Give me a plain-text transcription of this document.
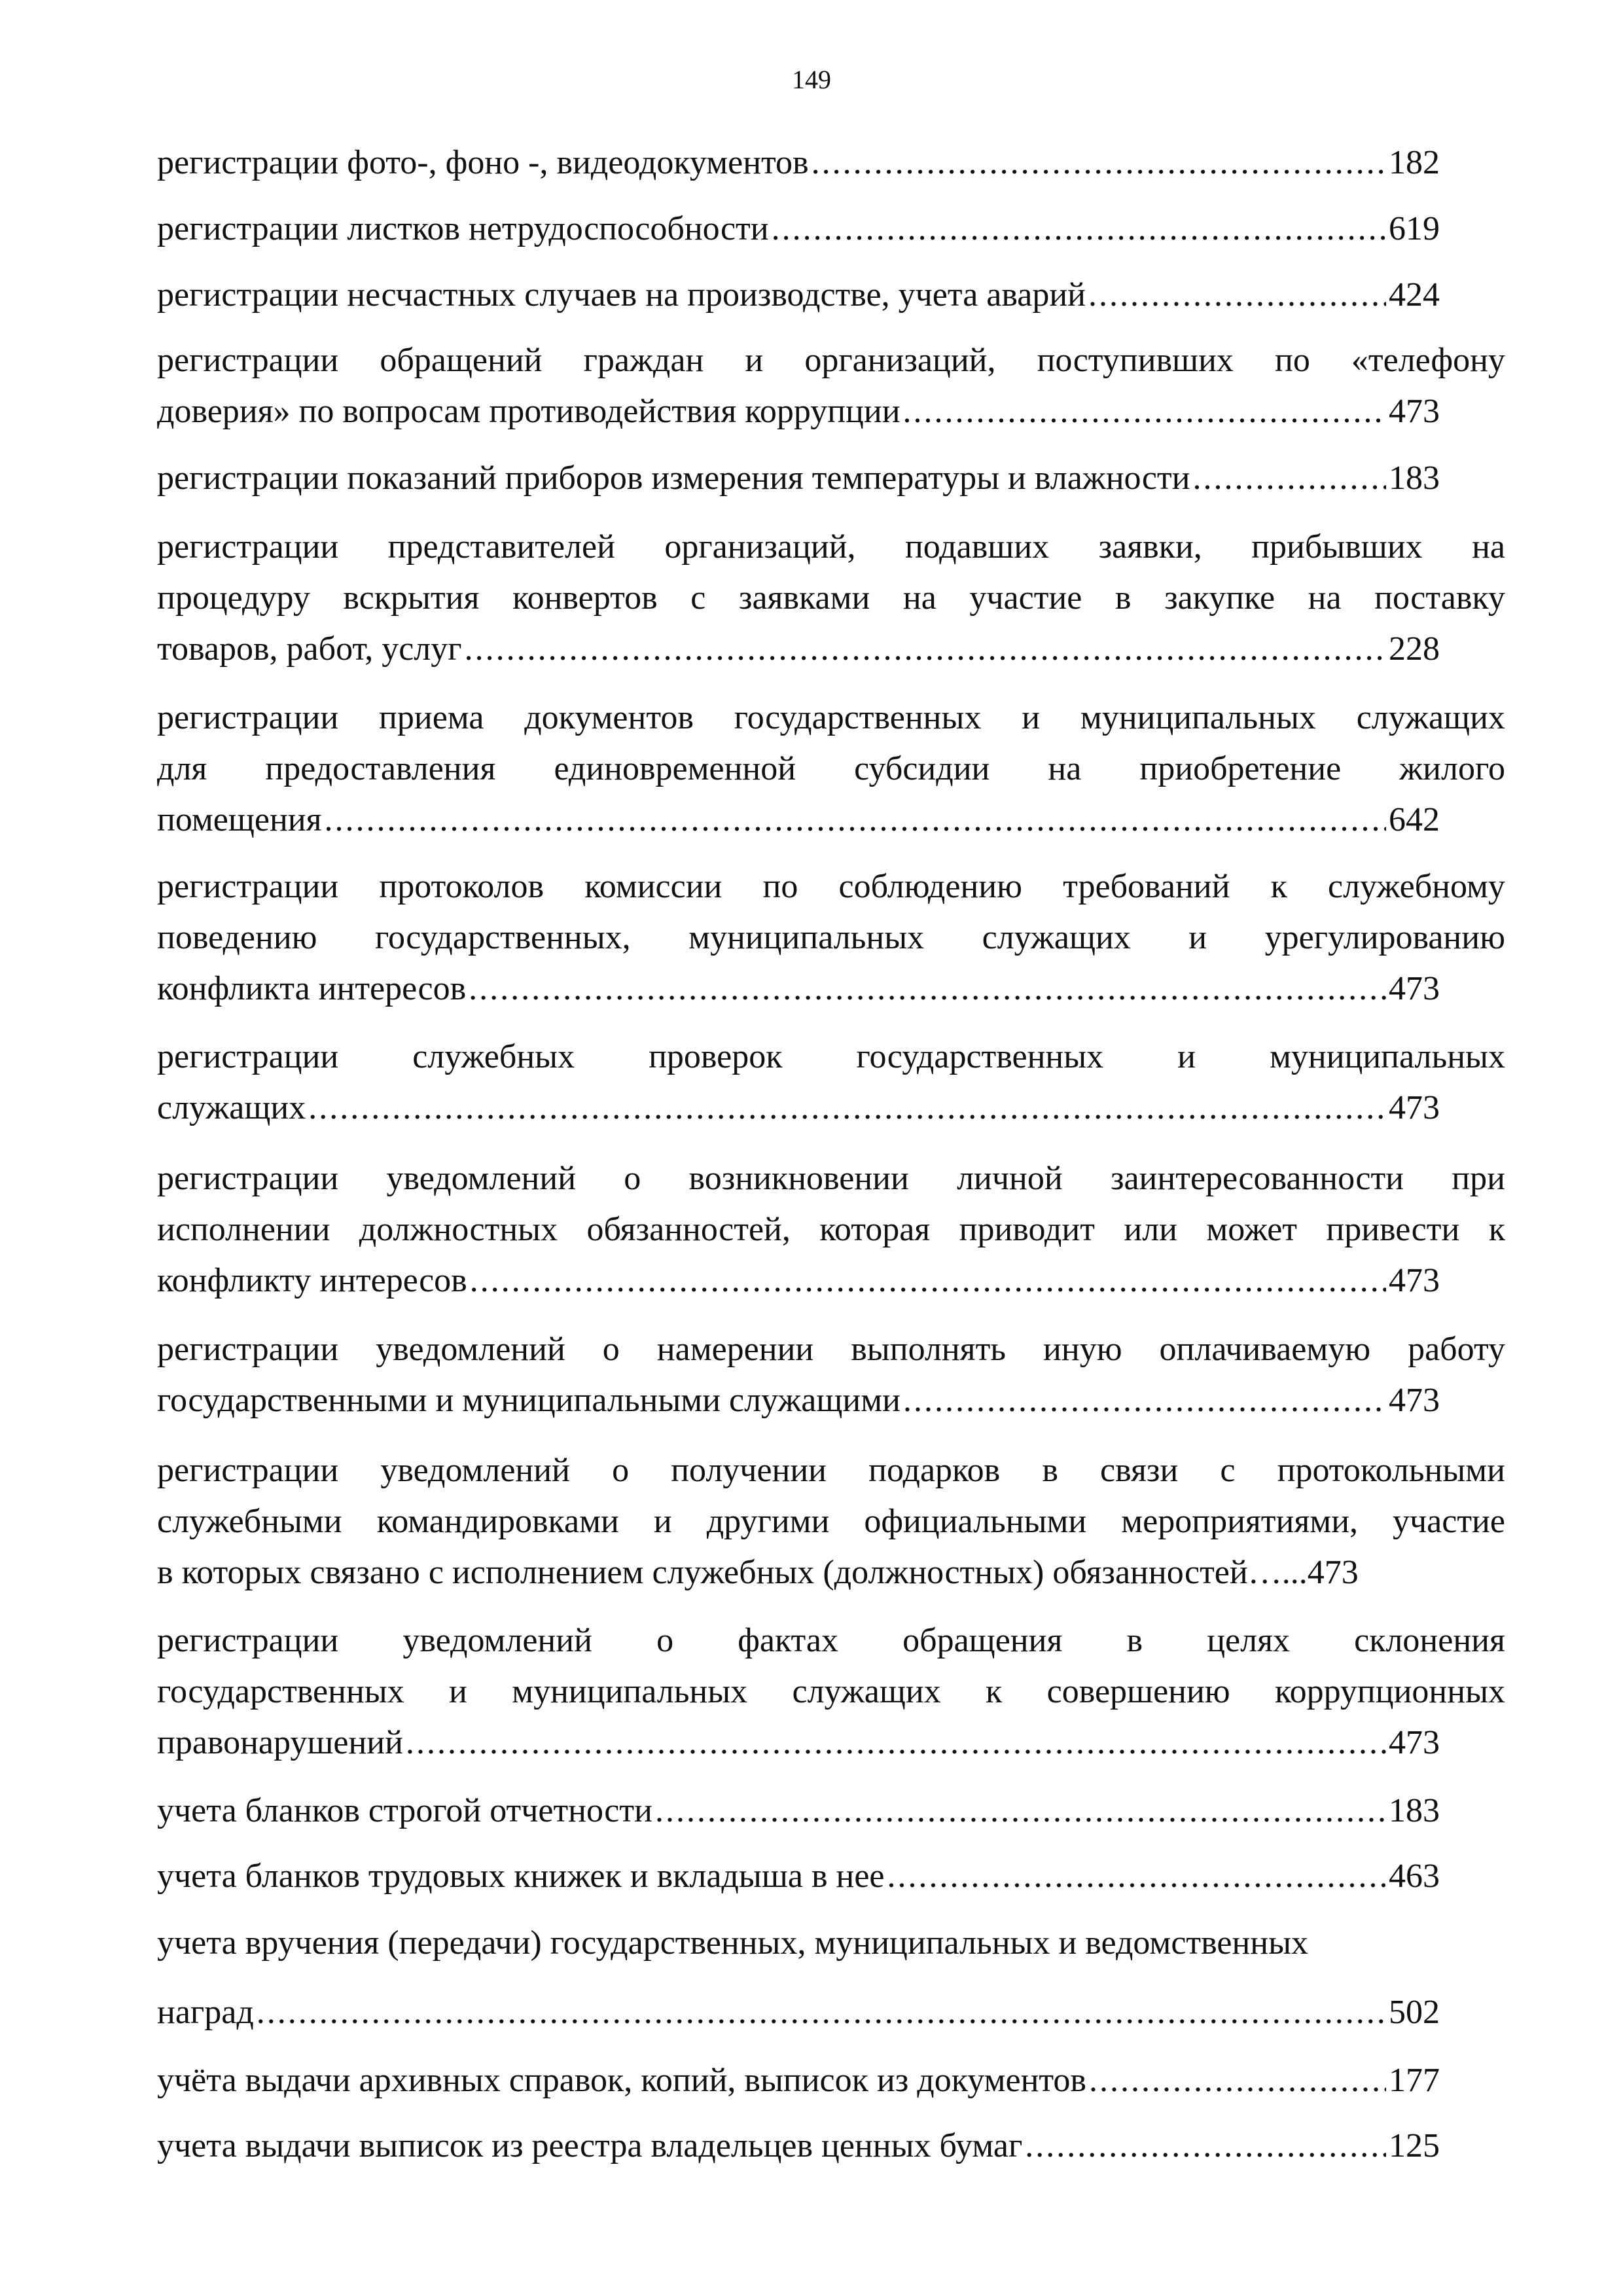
149
регистрации фото-, фоно -, видеодокументов .....	182
регистрации листков нетрудоспособности .....	619
регистрации несчастных случаев на производстве, учета аварий .....	424
регистрации обращений граждан и организаций, поступивших по «телефону
доверия» по вопросам противодействия коррупции .....	473
регистрации показаний приборов измерения температуры и влажности .....	183
регистрации представителей организаций, подавших заявки, прибывших на
процедуру вскрытия конвертов с заявками на участие в закупке на поставку
товаров, работ, услуг .....	228
регистрации приема документов государственных и муниципальных служащих
для предоставления единовременной субсидии на приобретение жилого
помещения .....	642
регистрации протоколов комиссии по соблюдению требований к служебному
поведению государственных, муниципальных служащих и урегулированию
конфликта интересов .....	473
регистрации служебных проверок государственных и муниципальных
служащих .....	473
регистрации уведомлений о возникновении личной заинтересованности при
исполнении должностных обязанностей, которая приводит или может привести к
конфликту интересов .....	473
регистрации уведомлений о намерении выполнять иную оплачиваемую работу
государственными и муниципальными служащими .....	473
регистрации уведомлений о получении подарков в связи с протокольными
служебными командировками и другими официальными мероприятиями, участие
в которых связано с исполнением служебных (должностных) обязанностей… ...473
регистрации уведомлений о фактах обращения в целях склонения
государственных и муниципальных служащих к совершению коррупционных
правонарушений .....	473
учета бланков строгой отчетности .....	183
учета бланков трудовых книжек и вкладыша в нее .....	463
учета вручения (передачи) государственных, муниципальных и ведомственных
наград .....	502
учёта выдачи архивных справок, копий, выписок из документов .....	177
учета выдачи выписок из реестра владельцев ценных бумаг .....	125
